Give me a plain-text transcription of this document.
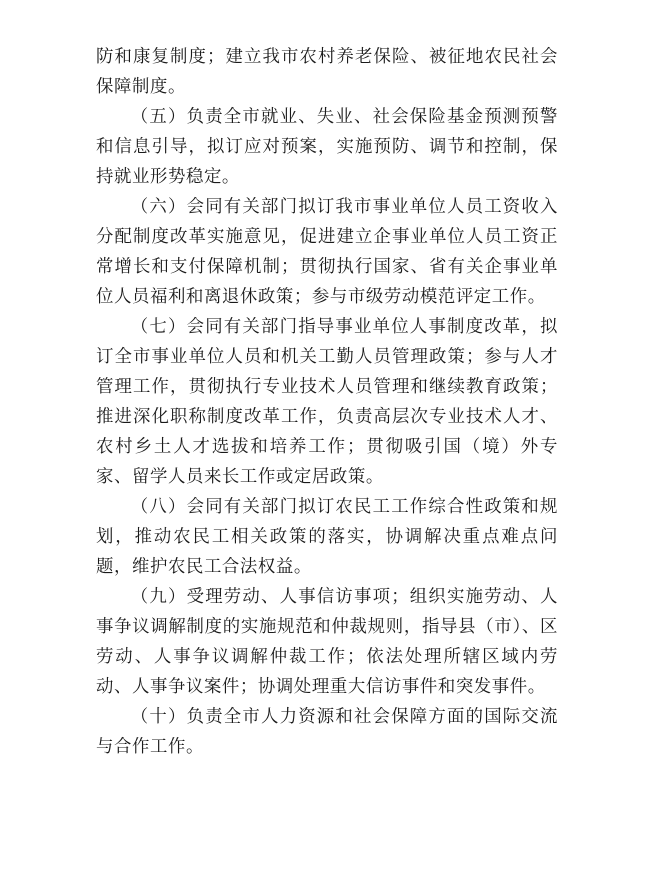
防和康复制度；建立我市农村养老保险、被征地农民社会保障制度。

（五）负责全市就业、失业、社会保险基金预测预警和信息引导，拟订应对预案，实施预防、调节和控制，保持就业形势稳定。

（六）会同有关部门拟订我市事业单位人员工资收入分配制度改革实施意见，促进建立企事业单位人员工资正常增长和支付保障机制；贯彻执行国家、省有关企事业单位人员福利和离退休政策；参与市级劳动模范评定工作。

（七）会同有关部门指导事业单位人事制度改革，拟订全市事业单位人员和机关工勤人员管理政策；参与人才管理工作，贯彻执行专业技术人员管理和继续教育政策；推进深化职称制度改革工作，负责高层次专业技术人才、农村乡土人才选拔和培养工作；贯彻吸引国（境）外专家、留学人员来长工作或定居政策。

（八）会同有关部门拟订农民工工作综合性政策和规划，推动农民工相关政策的落实，协调解决重点难点问题，维护农民工合法权益。

（九）受理劳动、人事信访事项；组织实施劳动、人事争议调解制度的实施规范和仲裁规则，指导县（市）、区劳动、人事争议调解仲裁工作；依法处理所辖区域内劳动、人事争议案件；协调处理重大信访事件和突发事件。

（十）负责全市人力资源和社会保障方面的国际交流与合作工作。
